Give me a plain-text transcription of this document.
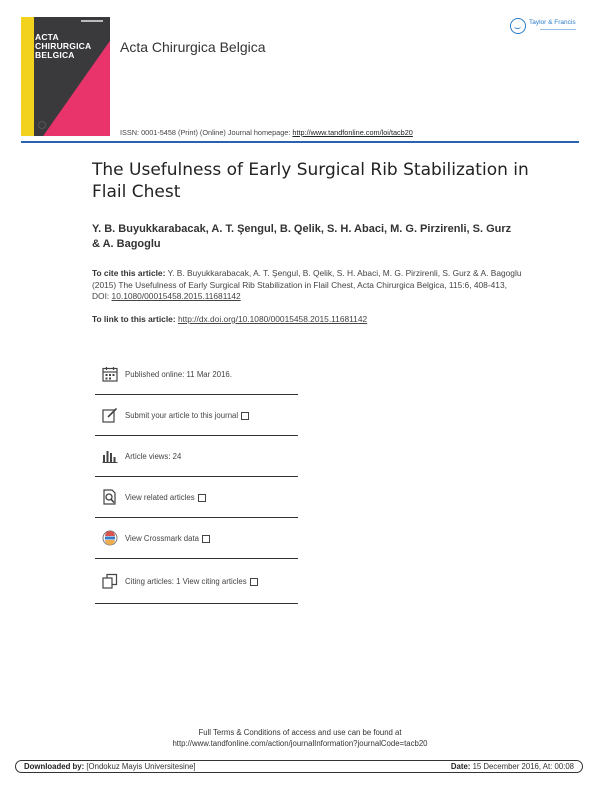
ACTA
CHIRURGICA
BELGICA	Acta Chirurgica Belgica
Taylor & Francis
ISSN: 0001-5458 (Print) (Online) Journal homepage: http://www.tandfonline.com/loi/tacb20
The Usefulness of Early Surgical Rib Stabilization in Flail Chest
Y. B. Buyukkarabacak, A. T. Şengul, B. Qelik, S. H. Abaci, M. G. Pirzirenli, S. Gurz & A. Bagoglu
To cite this article: Y. B. Buyukkarabacak, A. T. Şengul, B. Qelik, S. H. Abaci, M. G. Pirzirenli, S. Gurz & A. Bagoglu (2015) The Usefulness of Early Surgical Rib Stabilization in Flail Chest, Acta Chirurgica Belgica, 115:6, 408-413, DOI: 10.1080/00015458.2015.11681142
To link to this article: http://dx.doi.org/10.1080/00015458.2015.11681142
Published online: 11 Mar 2016.
Submit your article to this journal
Article views: 24
View related articles
View Crossmark data
Citing articles: 1 View citing articles
Full Terms & Conditions of access and use can be found at
http://www.tandfonline.com/action/journalInformation?journalCode=tacb20
Downloaded by: [Ondokuz Mayis Universitesine]	Date: 15 December 2016, At: 00:08
